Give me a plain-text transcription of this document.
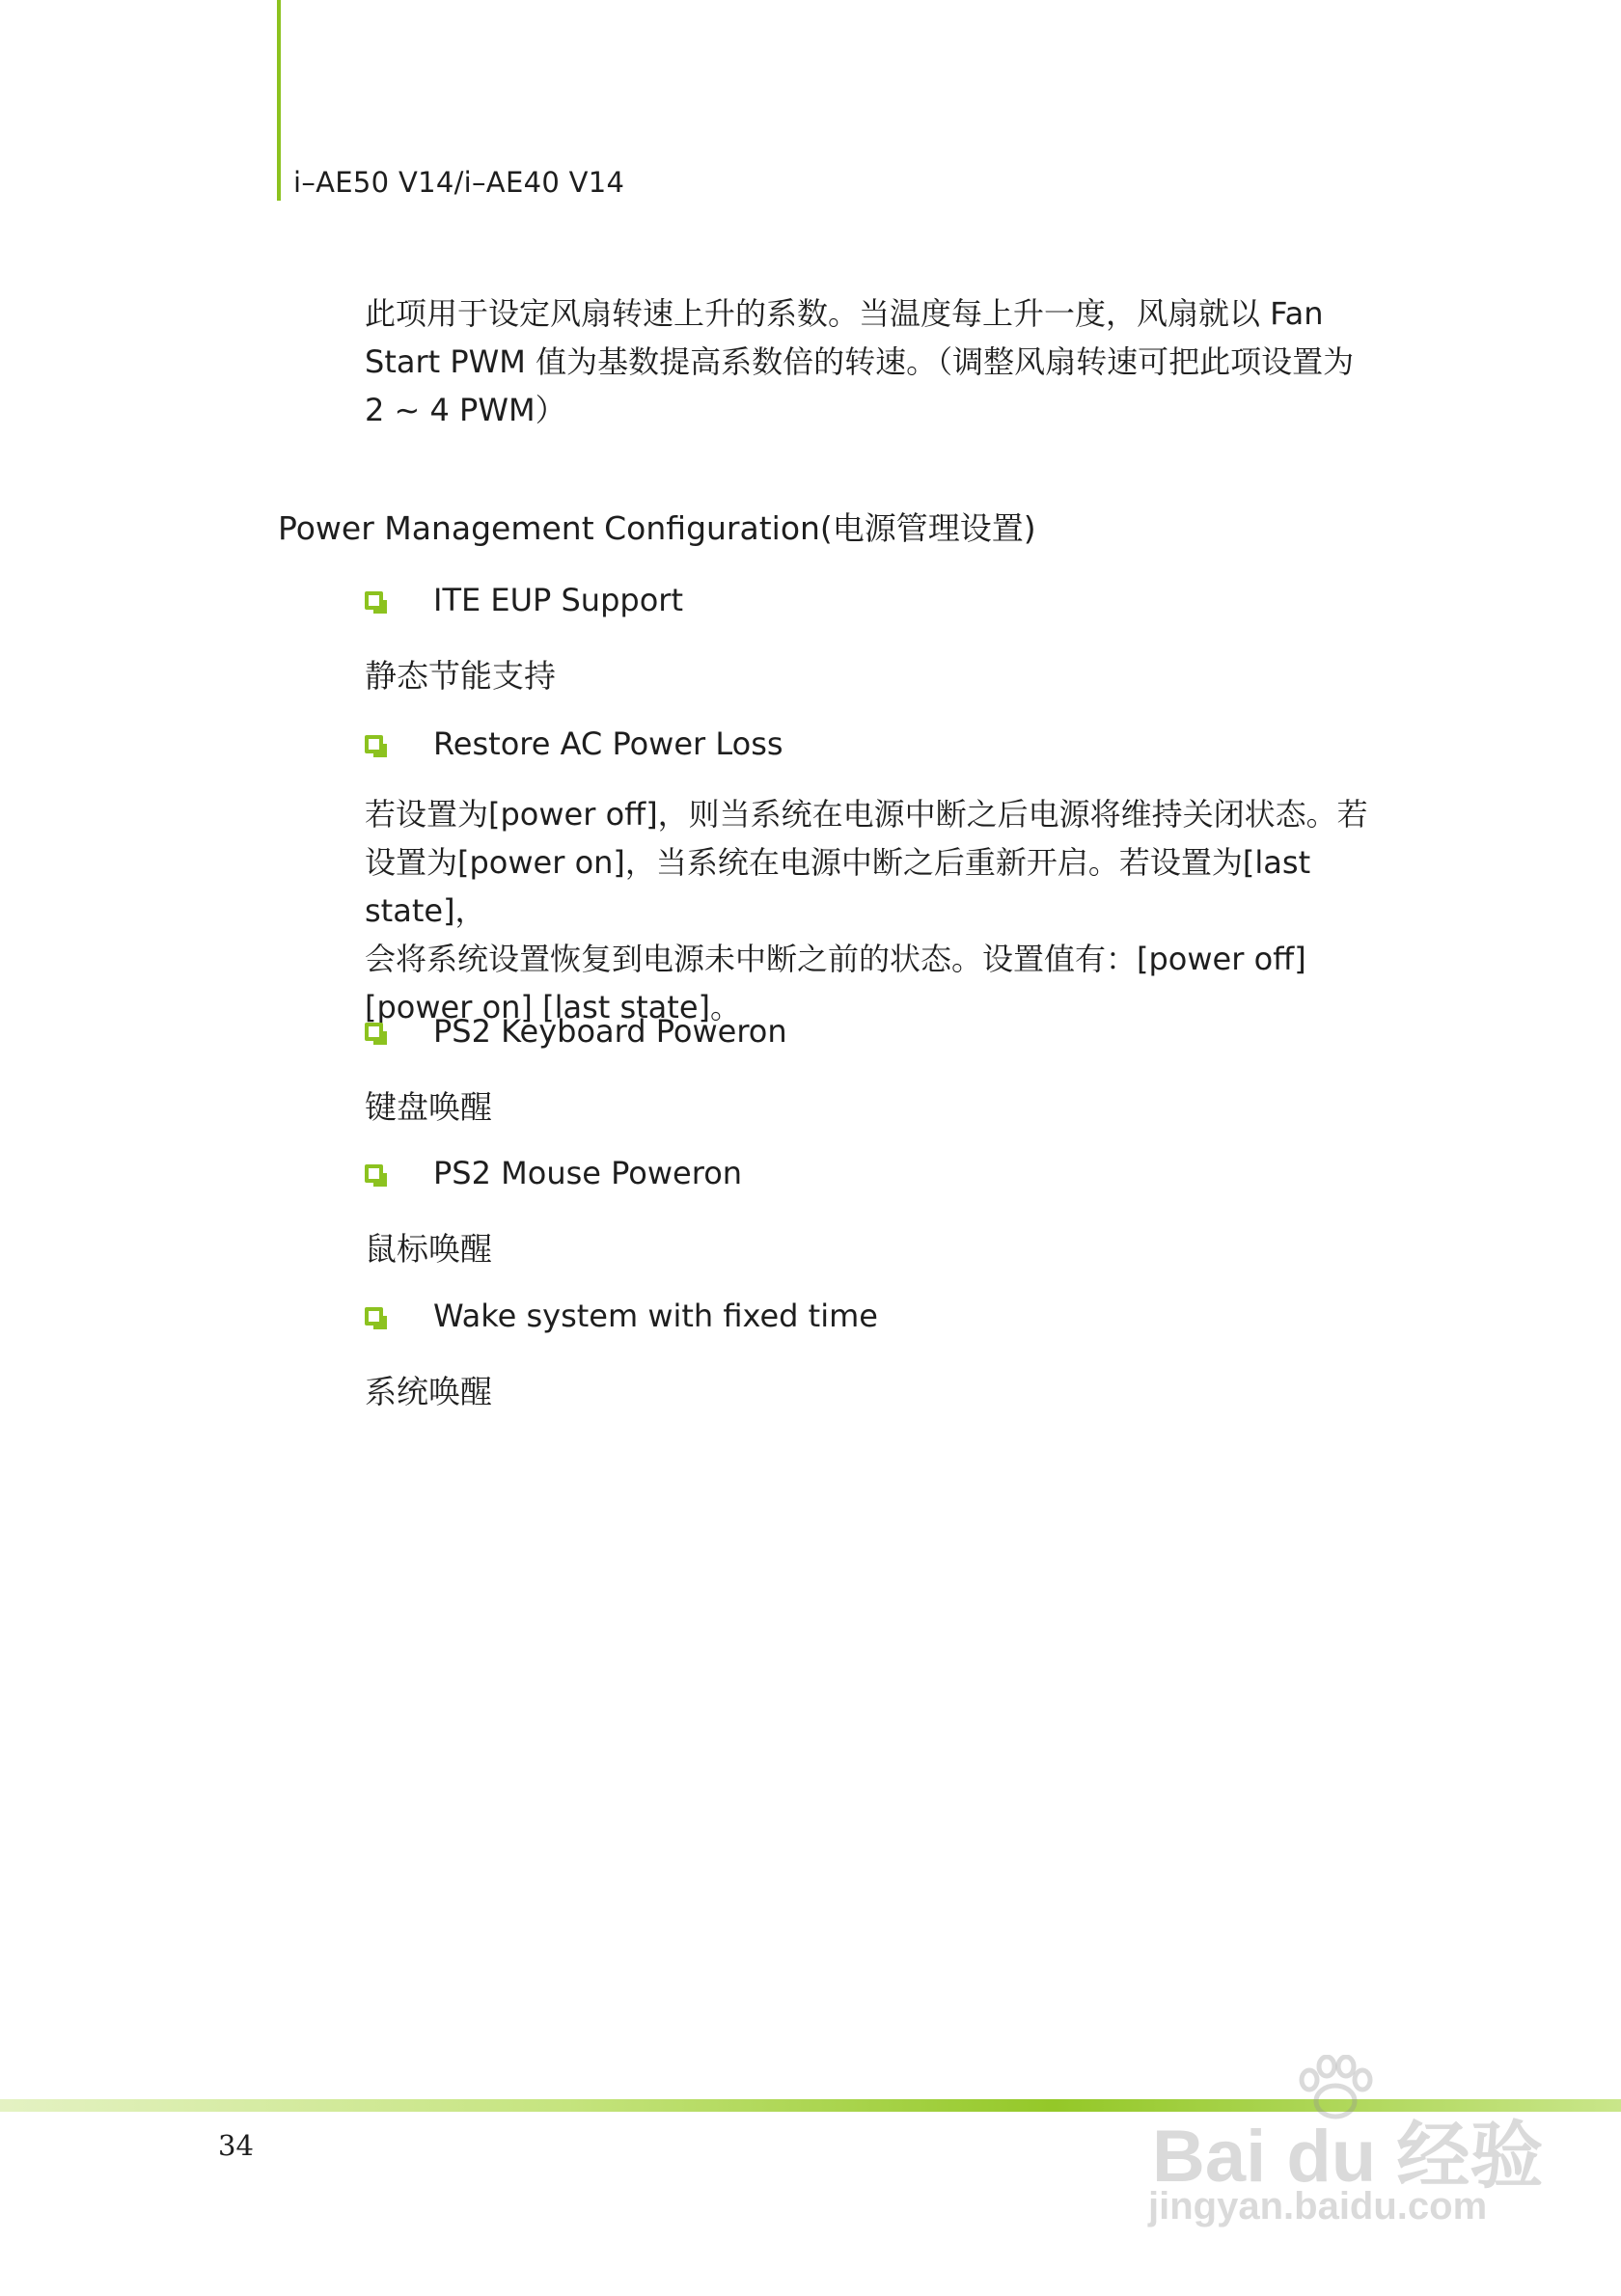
i–AE50 V14/i–AE40 V14
此项用于设定风扇转速上升的系数。当温度每上升一度，风扇就以 Fan
Start PWM 值为基数提高系数倍的转速。（调整风扇转速可把此项设置为
2 ~ 4 PWM）
Power Management Configuration(电源管理设置)
ITE EUP Support
静态节能支持
Restore AC Power Loss
若设置为[power off]，则当系统在电源中断之后电源将维持关闭状态。若
设置为[power on]，当系统在电源中断之后重新开启。若设置为[last state]，
会将系统设置恢复到电源未中断之前的状态。设置值有：[power off]
[power on] [last state]。
PS2 Keyboard Poweron
键盘唤醒
PS2 Mouse Poweron
鼠标唤醒
Wake system with fixed time
系统唤醒
34	Bai du 经验
jingyan.baidu.com
